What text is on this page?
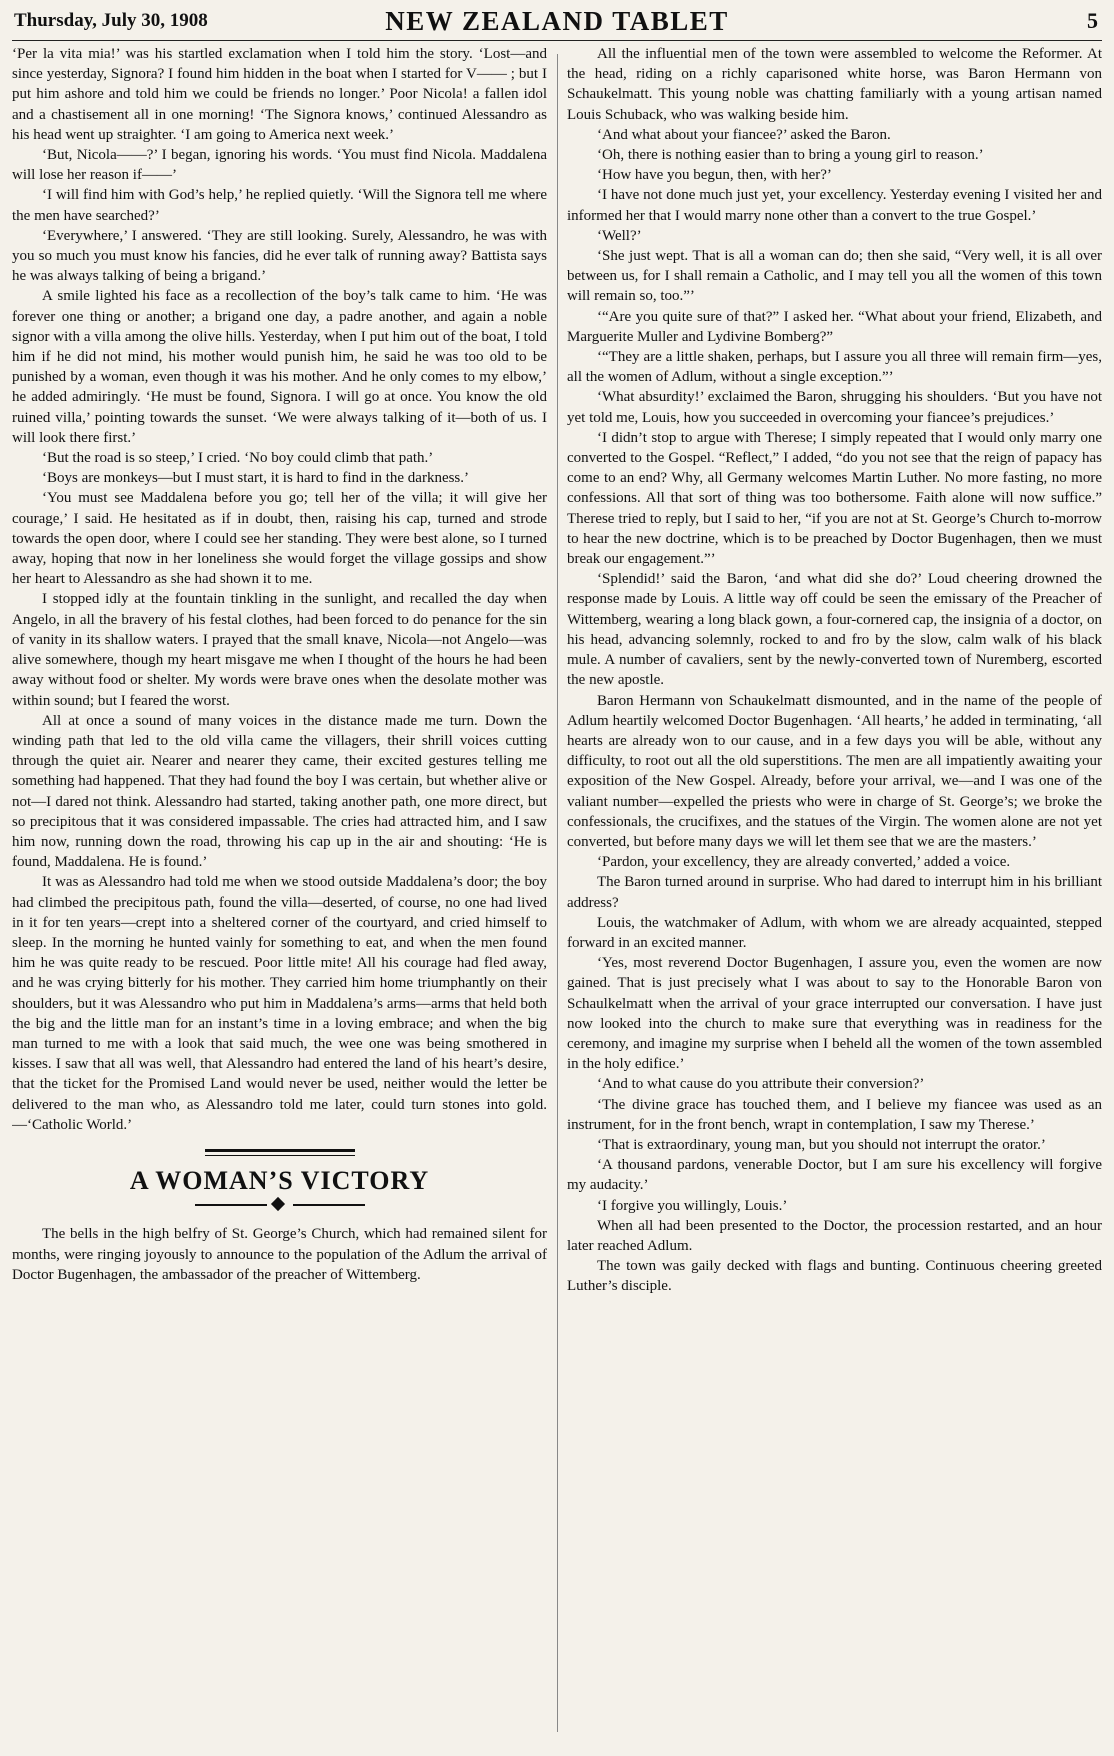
Thursday, July 30, 1908	NEW ZEALAND TABLET	5

‘Per la vita mia!’ was his startled exclamation when I told him the story. ‘Lost—and since yesterday, Signora? I found him hidden in the boat when I started for V—— ; but I put him ashore and told him we could be friends no longer.’ Poor Nicola! a fallen idol and a chastisement all in one morning! ‘The Signora knows,’ continued Alessandro as his head went up straighter. ‘I am going to America next week.’

‘But, Nicola——?’ I began, ignoring his words. ‘You must find Nicola. Maddalena will lose her reason if——’

‘I will find him with God’s help,’ he replied quietly. ‘Will the Signora tell me where the men have searched?’

‘Everywhere,’ I answered. ‘They are still looking. Surely, Alessandro, he was with you so much you must know his fancies, did he ever talk of running away? Battista says he was always talking of being a brigand.’

A smile lighted his face as a recollection of the boy’s talk came to him. ‘He was forever one thing or another; a brigand one day, a padre another, and again a noble signor with a villa among the olive hills. Yesterday, when I put him out of the boat, I told him if he did not mind, his mother would punish him, he said he was too old to be punished by a woman, even though it was his mother. And he only comes to my elbow,’ he added admiringly. ‘He must be found, Signora. I will go at once. You know the old ruined villa,’ pointing towards the sunset. ‘We were always talking of it—both of us. I will look there first.’

‘But the road is so steep,’ I cried. ‘No boy could climb that path.’

‘Boys are monkeys—but I must start, it is hard to find in the darkness.’

‘You must see Maddalena before you go; tell her of the villa; it will give her courage,’ I said. He hesitated as if in doubt, then, raising his cap, turned and strode towards the open door, where I could see her standing. They were best alone, so I turned away, hoping that now in her loneliness she would forget the village gossips and show her heart to Alessandro as she had shown it to me.

I stopped idly at the fountain tinkling in the sunlight, and recalled the day when Angelo, in all the bravery of his festal clothes, had been forced to do penance for the sin of vanity in its shallow waters. I prayed that the small knave, Nicola—not Angelo—was alive somewhere, though my heart misgave me when I thought of the hours he had been away without food or shelter. My words were brave ones when the desolate mother was within sound; but I feared the worst.

All at once a sound of many voices in the distance made me turn. Down the winding path that led to the old villa came the villagers, their shrill voices cutting through the quiet air. Nearer and nearer they came, their excited gestures telling me something had happened. That they had found the boy I was certain, but whether alive or not—I dared not think. Alessandro had started, taking another path, one more direct, but so precipitous that it was considered impassable. The cries had attracted him, and I saw him now, running down the road, throwing his cap up in the air and shouting: ‘He is found, Maddalena. He is found.’

It was as Alessandro had told me when we stood outside Maddalena’s door; the boy had climbed the precipitous path, found the villa—deserted, of course, no one had lived in it for ten years—crept into a sheltered corner of the courtyard, and cried himself to sleep. In the morning he hunted vainly for something to eat, and when the men found him he was quite ready to be rescued. Poor little mite! All his courage had fled away, and he was crying bitterly for his mother. They carried him home triumphantly on their shoulders, but it was Alessandro who put him in Maddalena’s arms—arms that held both the big and the little man for an instant’s time in a loving embrace; and when the big man turned to me with a look that said much, the wee one was being smothered in kisses. I saw that all was well, that Alessandro had entered the land of his heart’s desire, that the ticket for the Promised Land would never be used, neither would the letter be delivered to the man who, as Alessandro told me later, could turn stones into gold.—‘Catholic World.’

A WOMAN’S VICTORY

The bells in the high belfry of St. George’s Church, which had remained silent for months, were ringing joyously to announce to the population of the Adlum the arrival of Doctor Bugenhagen, the ambassador of the preacher of Wittemberg.

All the influential men of the town were assembled to welcome the Reformer. At the head, riding on a richly caparisoned white horse, was Baron Hermann von Schaukelmatt. This young noble was chatting familiarly with a young artisan named Louis Schuback, who was walking beside him.

‘And what about your fiancee?’ asked the Baron.

‘Oh, there is nothing easier than to bring a young girl to reason.’

‘How have you begun, then, with her?’

‘I have not done much just yet, your excellency. Yesterday evening I visited her and informed her that I would marry none other than a convert to the true Gospel.’

‘Well?’

‘She just wept. That is all a woman can do; then she said, “Very well, it is all over between us, for I shall remain a Catholic, and I may tell you all the women of this town will remain so, too.”’

‘“Are you quite sure of that?” I asked her. “What about your friend, Elizabeth, and Marguerite Muller and Lydivine Bomberg?”

‘“They are a little shaken, perhaps, but I assure you all three will remain firm—yes, all the women of Adlum, without a single exception.”’

‘What absurdity!’ exclaimed the Baron, shrugging his shoulders. ‘But you have not yet told me, Louis, how you succeeded in overcoming your fiancee’s prejudices.’

‘I didn’t stop to argue with Therese; I simply repeated that I would only marry one converted to the Gospel. “Reflect,” I added, “do you not see that the reign of papacy has come to an end? Why, all Germany welcomes Martin Luther. No more fasting, no more confessions. All that sort of thing was too bothersome. Faith alone will now suffice.” Therese tried to reply, but I said to her, “if you are not at St. George’s Church to-morrow to hear the new doctrine, which is to be preached by Doctor Bugenhagen, then we must break our engagement.”’

‘Splendid!’ said the Baron, ‘and what did she do?’ Loud cheering drowned the response made by Louis. A little way off could be seen the emissary of the Preacher of Wittemberg, wearing a long black gown, a four-cornered cap, the insignia of a doctor, on his head, advancing solemnly, rocked to and fro by the slow, calm walk of his black mule. A number of cavaliers, sent by the newly-converted town of Nuremberg, escorted the new apostle.

Baron Hermann von Schaukelmatt dismounted, and in the name of the people of Adlum heartily welcomed Doctor Bugenhagen. ‘All hearts,’ he added in terminating, ‘all hearts are already won to our cause, and in a few days you will be able, without any difficulty, to root out all the old superstitions. The men are all impatiently awaiting your exposition of the New Gospel. Already, before your arrival, we—and I was one of the valiant number—expelled the priests who were in charge of St. George’s; we broke the confessionals, the crucifixes, and the statues of the Virgin. The women alone are not yet converted, but before many days we will let them see that we are the masters.’

‘Pardon, your excellency, they are already converted,’ added a voice.

The Baron turned around in surprise. Who had dared to interrupt him in his brilliant address?

Louis, the watchmaker of Adlum, with whom we are already acquainted, stepped forward in an excited manner.

‘Yes, most reverend Doctor Bugenhagen, I assure you, even the women are now gained. That is just precisely what I was about to say to the Honorable Baron von Schaulkelmatt when the arrival of your grace interrupted our conversation. I have just now looked into the church to make sure that everything was in readiness for the ceremony, and imagine my surprise when I beheld all the women of the town assembled in the holy edifice.’

‘And to what cause do you attribute their conversion?’

‘The divine grace has touched them, and I believe my fiancee was used as an instrument, for in the front bench, wrapt in contemplation, I saw my Therese.’

‘That is extraordinary, young man, but you should not interrupt the orator.’

‘A thousand pardons, venerable Doctor, but I am sure his excellency will forgive my audacity.’

‘I forgive you willingly, Louis.’

When all had been presented to the Doctor, the procession restarted, and an hour later reached Adlum.

The town was gaily decked with flags and bunting. Continuous cheering greeted Luther’s disciple.
